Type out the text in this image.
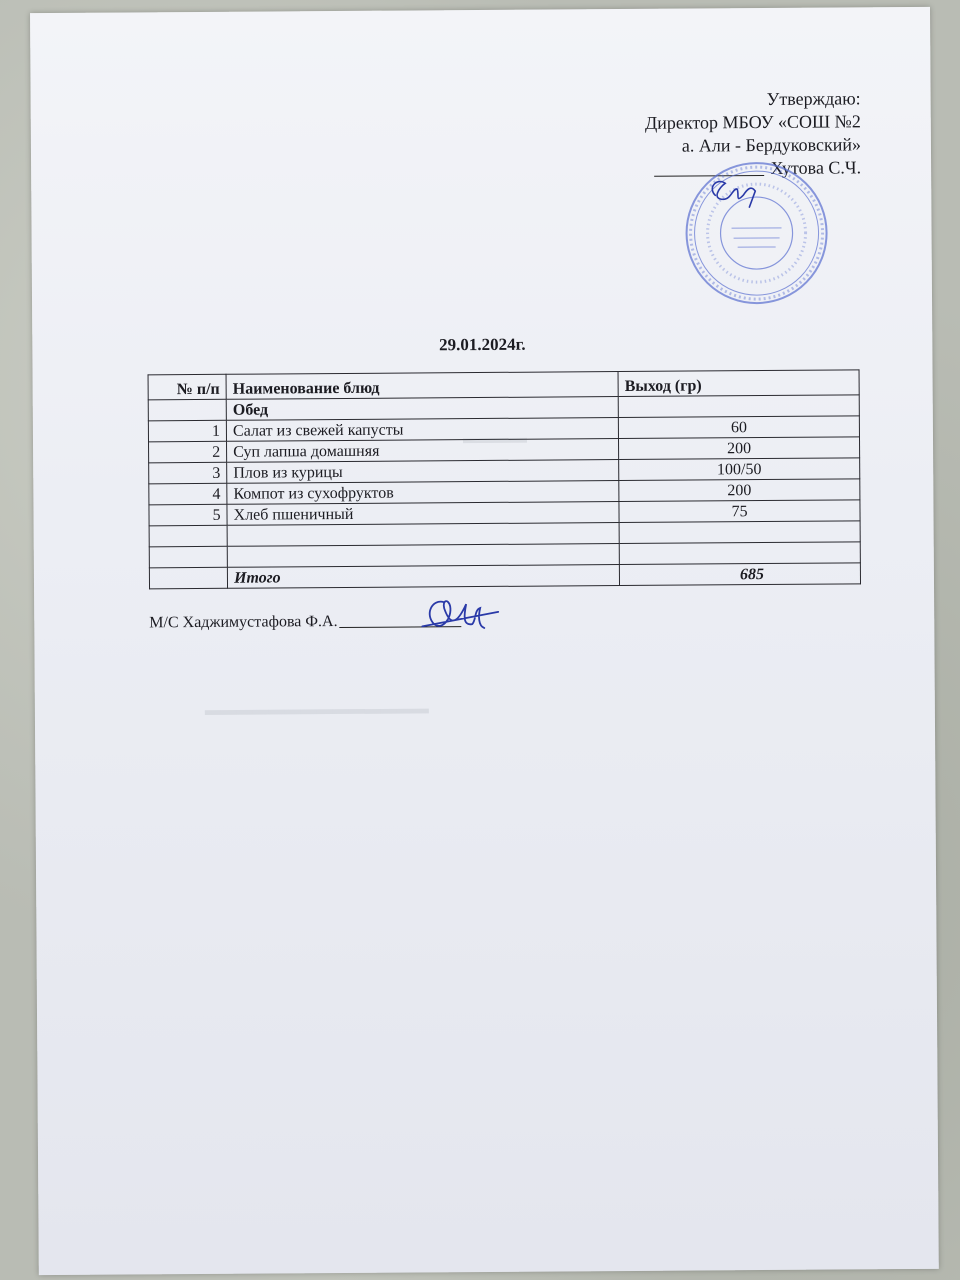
Утверждаю:
Директор МБОУ «СОШ №2
а. Али - Бердуковский»
Хутова С.Ч.
29.01.2024г.
№ п/п	Наименование блюд	Выход (гр)
	Обед	
1	Салат из свежей капусты	60
2	Суп лапша домашняя	200
3	Плов из курицы	100/50
4	Компот из сухофруктов	200
5	Хлеб пшеничный	75

	Итого	685
М/С Хаджимустафова Ф.А.
▬▬▬▬
▬▬▬▬▬▬▬▬▬▬▬▬▬▬
